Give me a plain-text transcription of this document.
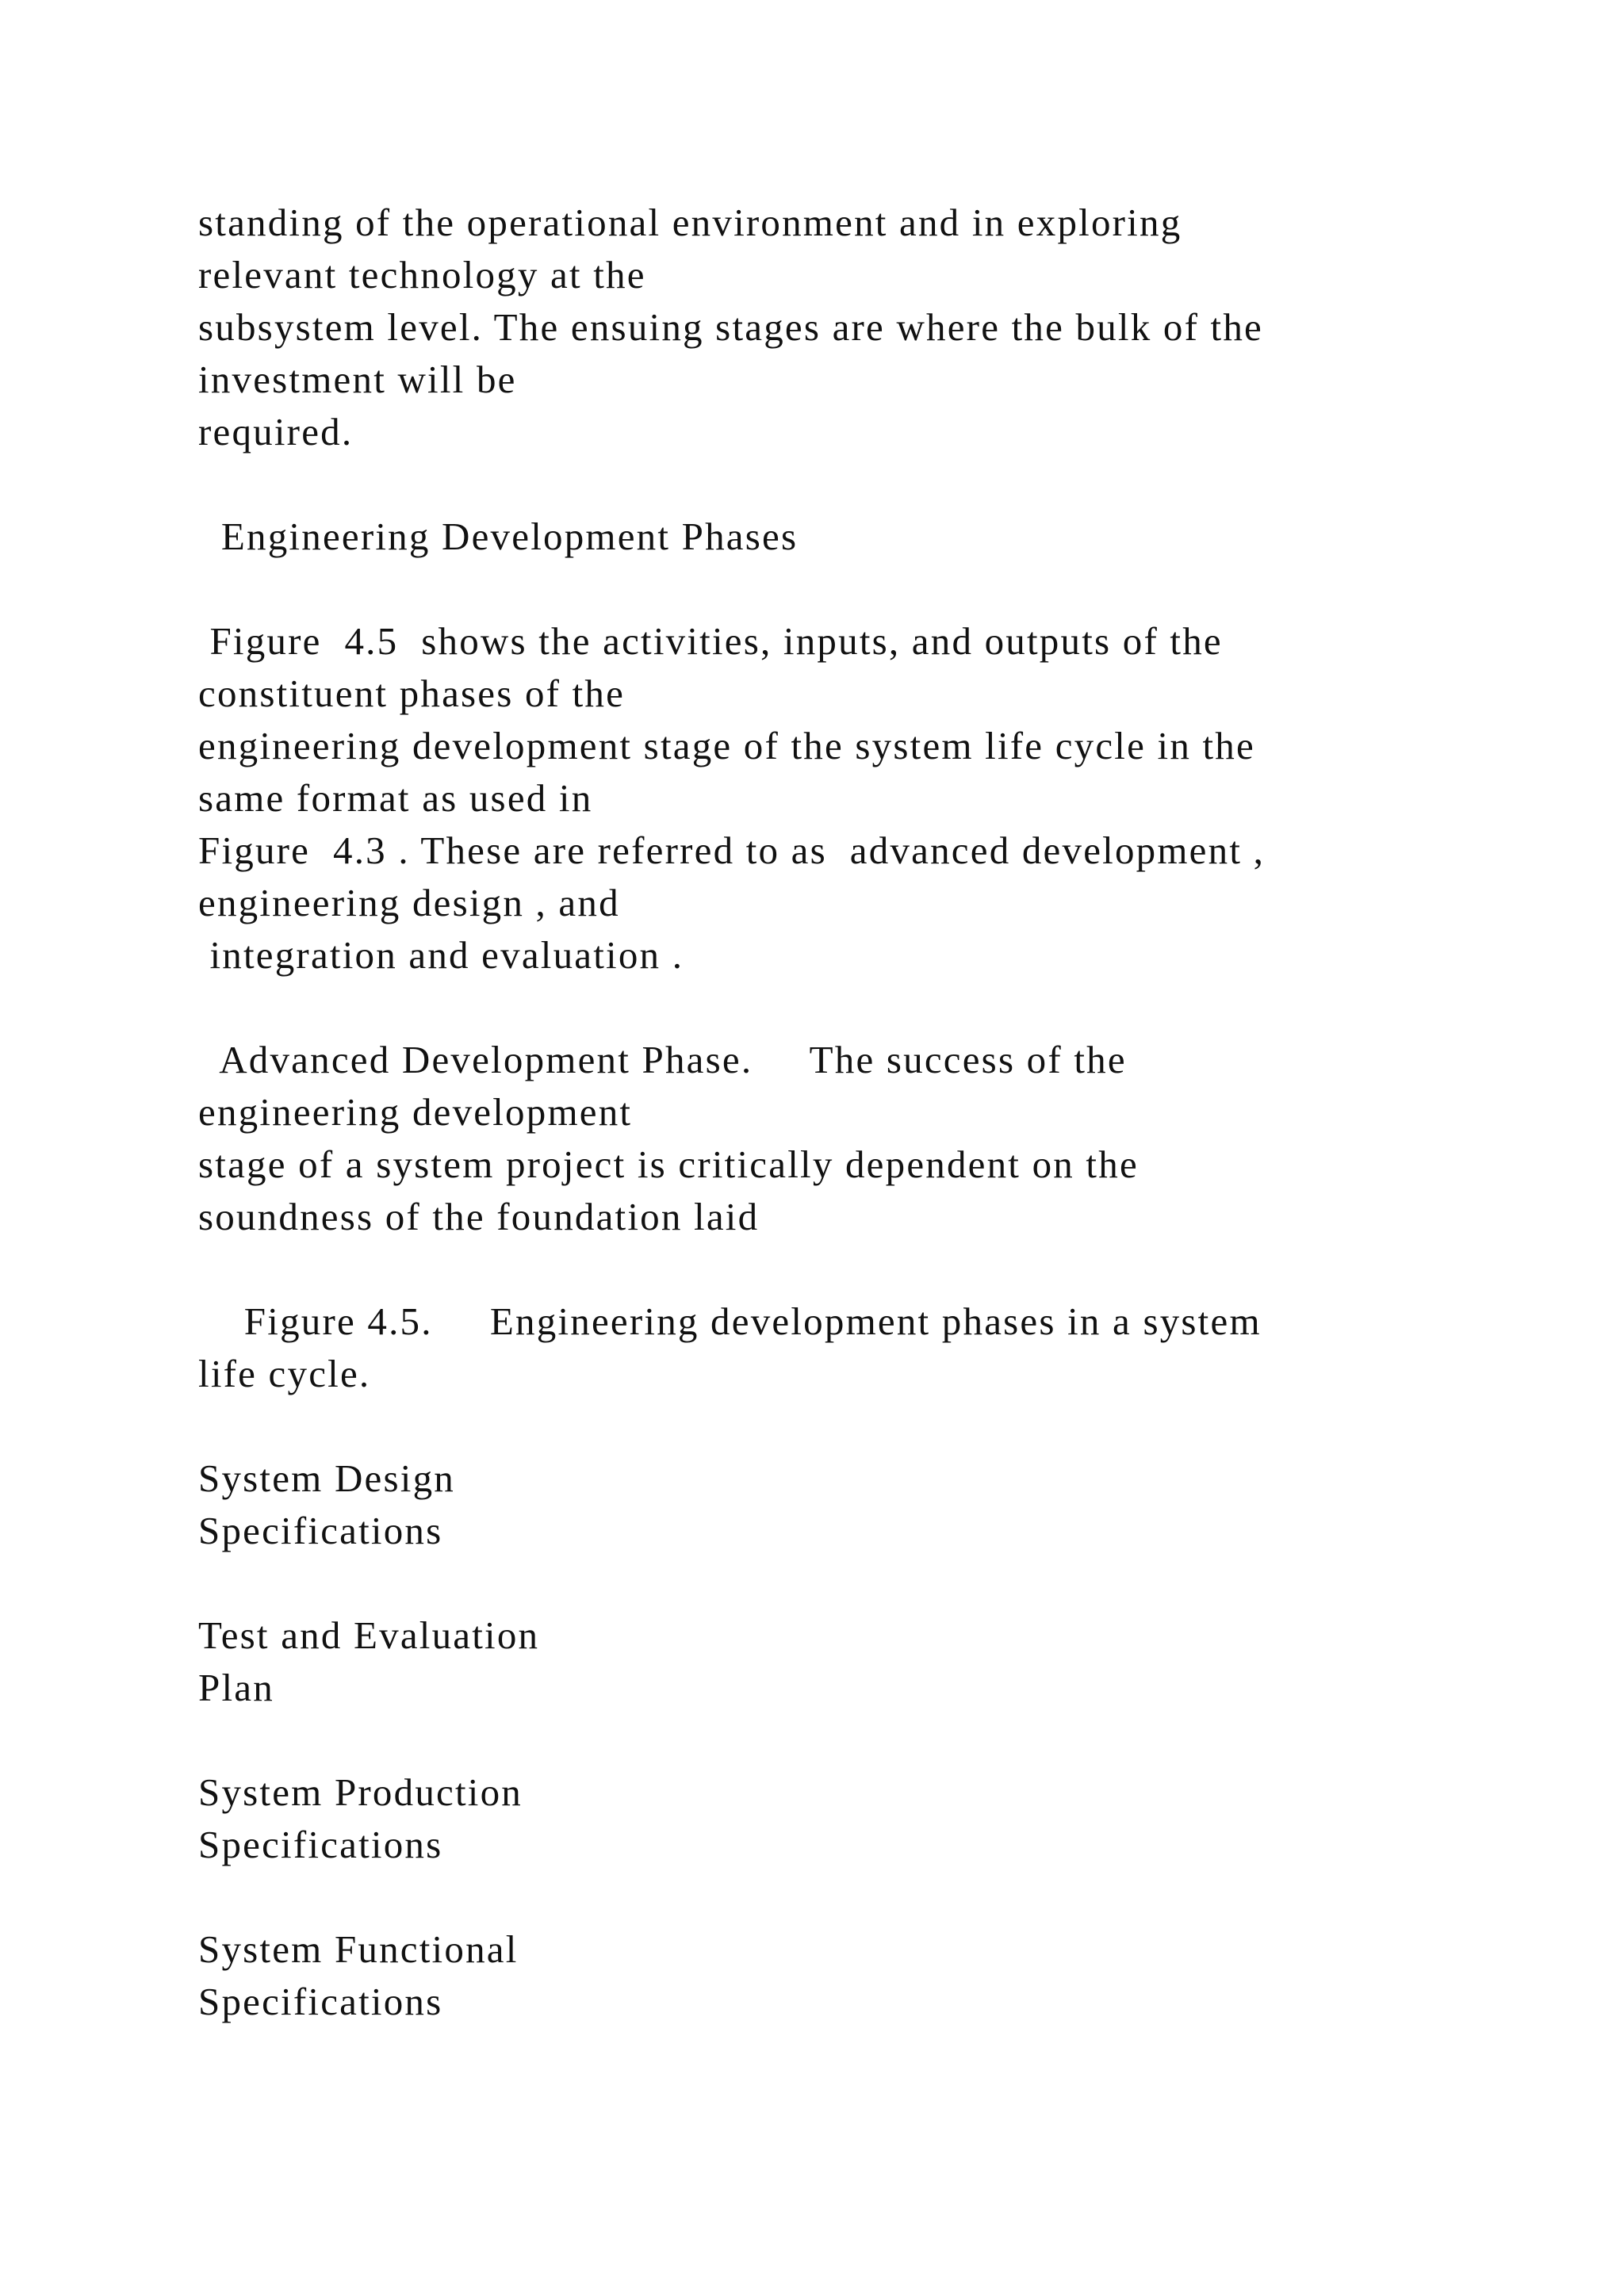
standing of the operational environment and in exploring
relevant technology at the
subsystem level. The ensuing stages are where the bulk of the
investment will be
required.
Engineering Development Phases
Figure  4.5  shows the activities, inputs, and outputs of the
constituent phases of the
engineering development stage of the system life cycle in the
same format as used in
Figure  4.3 . These are referred to as  advanced development ,
engineering design , and
integration and evaluation .
Advanced Development Phase.     The success of the
engineering development
stage of a system project is critically dependent on the
soundness of the foundation laid
Figure 4.5.     Engineering development phases in a system
life cycle.
System Design
Specifications
Test and Evaluation
Plan
System Production
Specifications
System Functional
Specifications
